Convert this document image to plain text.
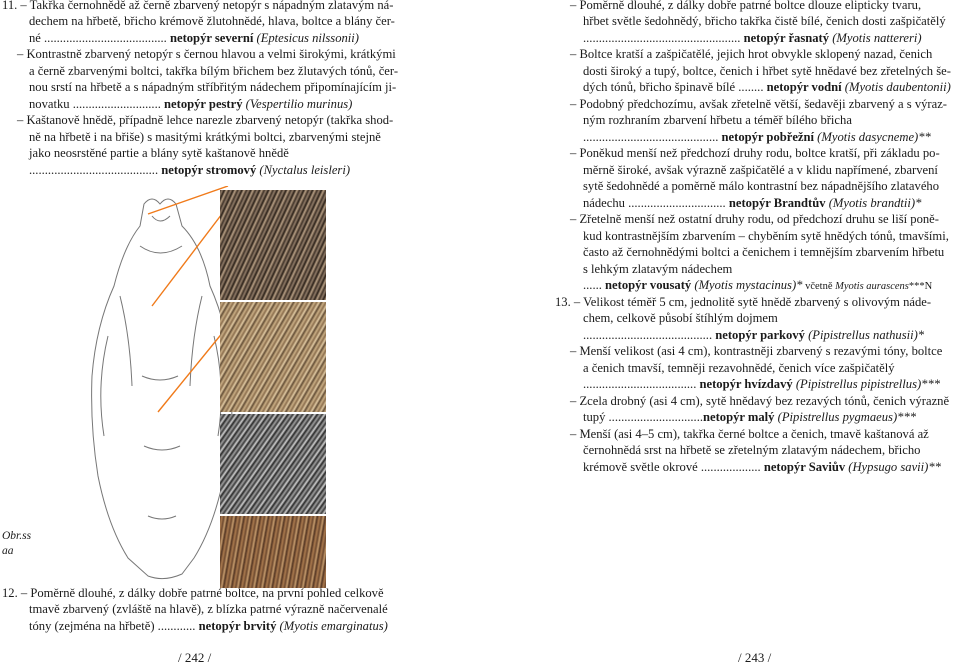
11. – Takřka černohnědě až černě zbarvený netopýr s nápadným zlatavým ná-
dechem na hřbetě, břicho krémově žlutohnědé, hlava, boltce a blány čer-
né ....................................... netopýr severní (Eptesicus nilssonii)
– Kontrastně zbarvený netopýr s černou hlavou a velmi širokými, krátkými
a černě zbarvenými boltci, takřka bílým břichem bez žlutavých tónů, čer-
nou srstí na hřbetě a s nápadným stříbřitým nádechem připomínajícím ji-
novatku ............................ netopýr pestrý (Vespertilio murinus)
– Kaštanově hnědě, případně lehce narezle zbarvený netopýr (takřka shod-
ně na hřbetě i na břiše) s masitými krátkými boltci, zbarvenými stejně
jako neosrstěné partie a blány sytě kaštanově hnědě
......................................... netopýr stromový (Nyctalus leisleri)
Obr.ss
aa
12. – Poměrně dlouhé, z dálky dobře patrné boltce, na první pohled celkově
tmavě zbarvený (zvláště na hlavě), z blízka patrné výrazně načervenalé
tóny (zejména na hřbetě) ............ netopýr brvitý (Myotis emarginatus)
/ 242 /
– Poměrně dlouhé, z dálky dobře patrné boltce dlouze elipticky tvaru,
hřbet světle šedohnědý, břicho takřka čistě bílé, čenich dosti zašpičatělý
.................................................. netopýr řasnatý (Myotis nattereri)
– Boltce kratší a zašpičatělé, jejich hrot obvykle sklopený nazad, čenich
dosti široký a tupý, boltce, čenich i hřbet sytě hnědavé bez zřetelných še-
dých tónů, břicho špinavě bílé ........ netopýr vodní (Myotis daubentonii)
– Podobný předchozímu, avšak zřetelně větší, šedavěji zbarvený a s výraz-
ným rozhraním zbarvení hřbetu a téměř bílého břicha
........................................... netopýr pobřežní (Myotis dasycneme)**
– Poněkud menší než předchozí druhy rodu, boltce kratší, při základu po-
měrně široké, avšak výrazně zašpičatělé a v klidu napřímené, zbarvení
sytě šedohnědé a poměrně málo kontrastní bez nápadnějšího zlatavého
nádechu ............................... netopýr Brandtův (Myotis brandtii)*
– Zřetelně menší než ostatní druhy rodu, od předchozí druhu se liší poně-
kud kontrastnějším zbarvením – chyběním sytě hnědých tónů, tmavšími,
často až černohnědými boltci a čenichem i temnějším zbarvením hřbetu
s lehkým zlatavým nádechem
...... netopýr vousatý (Myotis mystacinus)* včetně Myotis aurascens***N
13. – Velikost téměř 5 cm, jednolitě sytě hnědě zbarvený s olivovým náde-
chem, celkově působí štíhlým dojmem
......................................... netopýr parkový (Pipistrellus nathusii)*
– Menší velikost (asi 4 cm), kontrastněji zbarvený s rezavými tóny, boltce
a čenich tmavší, temněji rezavohnědé, čenich více zašpičatělý
.................................... netopýr hvízdavý (Pipistrellus pipistrellus)***
– Zcela drobný (asi 4 cm), sytě hnědavý bez rezavých tónů, čenich výrazně
tupý ..............................netopýr malý (Pipistrellus pygmaeus)***
– Menší (asi 4–5 cm), takřka černé boltce a čenich, tmavě kaštanová až
černohnědá srst na hřbetě se zřetelným zlatavým nádechem, břicho
krémově světle okrové ................... netopýr Saviův (Hypsugo savii)**
/ 243 /
